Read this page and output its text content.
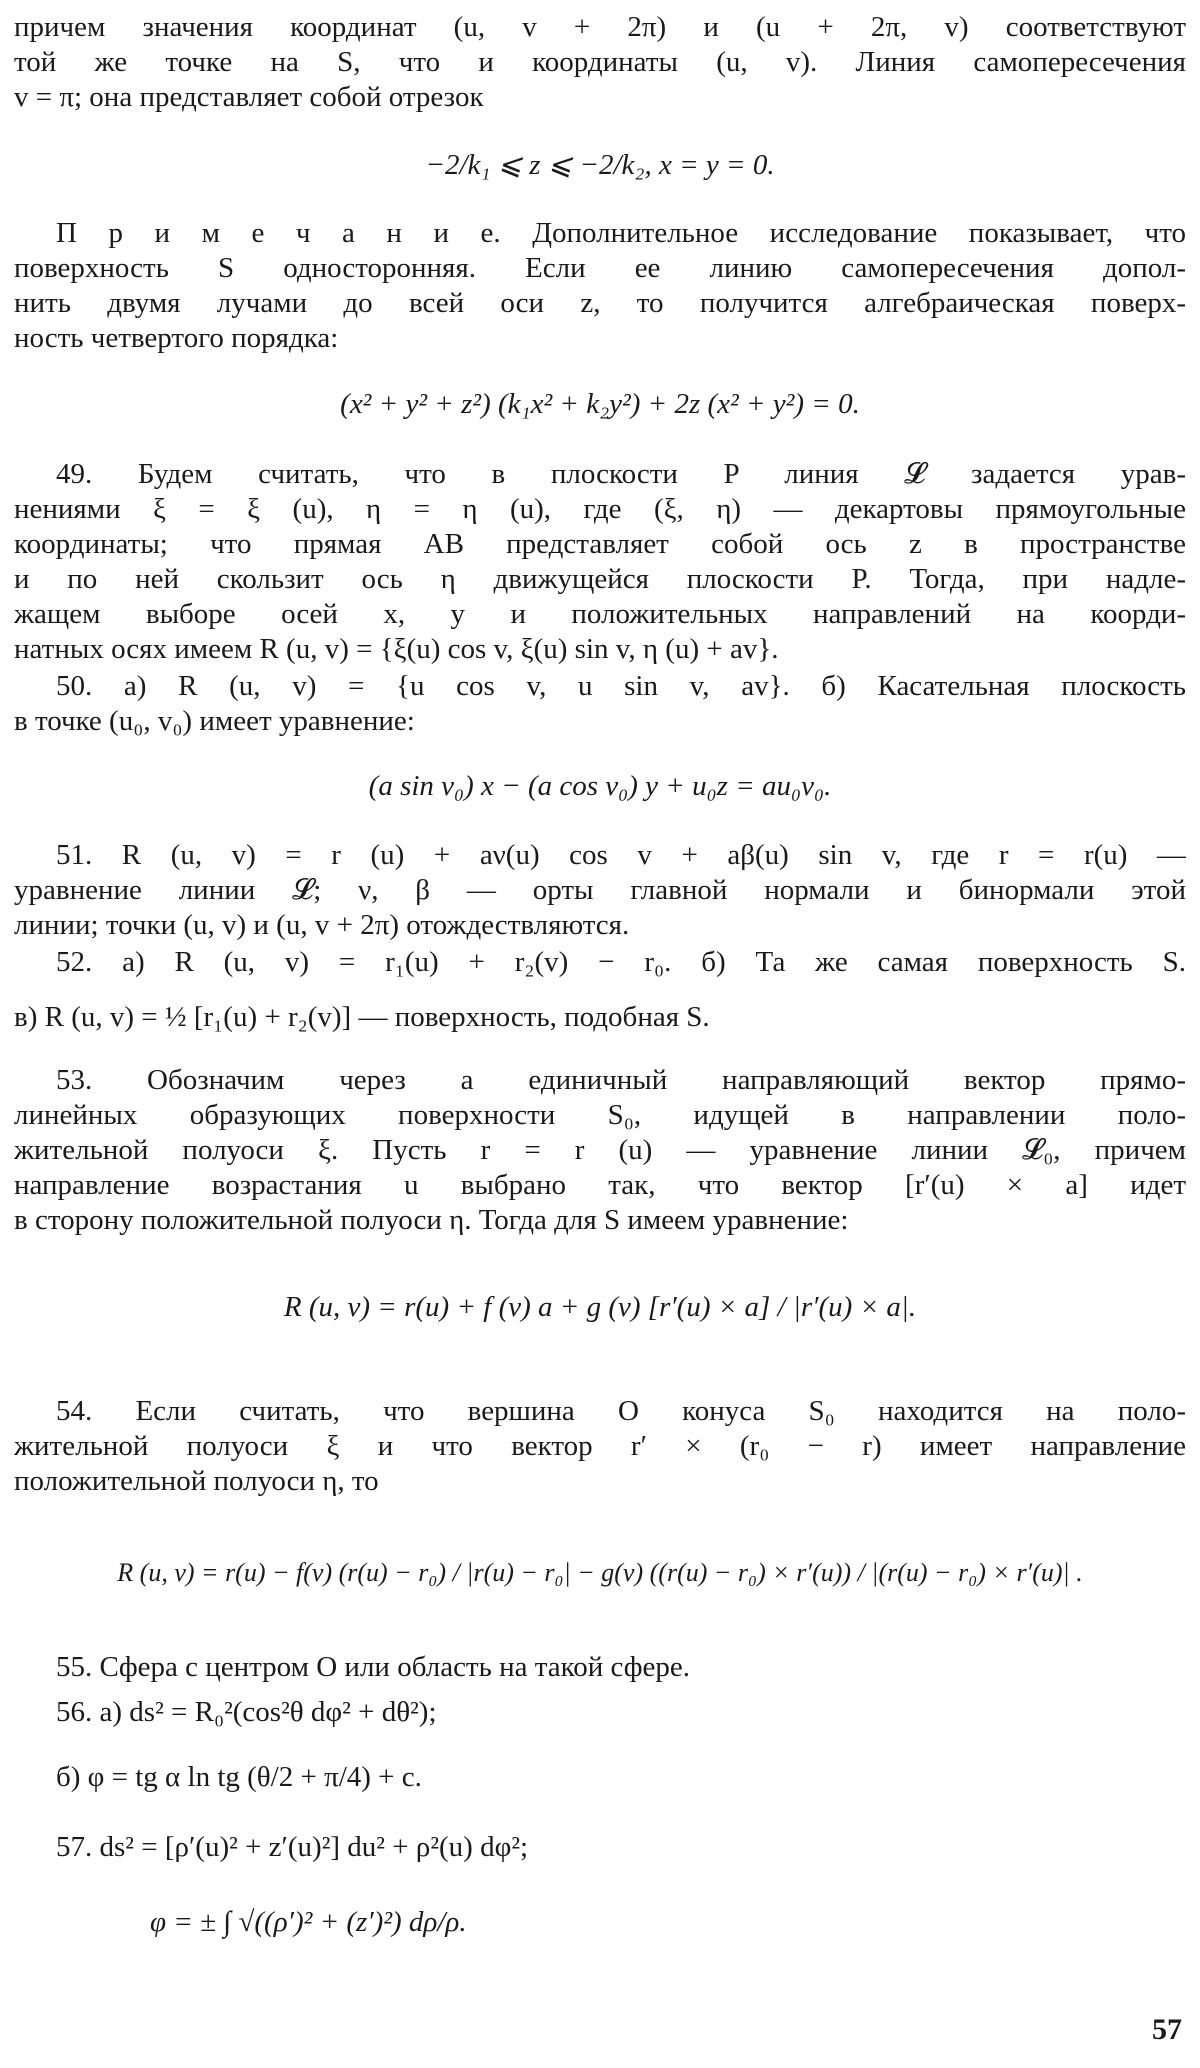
причем значения координат (u, v + 2π) и (u + 2π, v) соответствуют
той же точке на S, что и координаты (u, v). Линия самопересечения
v = π; она представляет собой отрезок
−2/k₁ ⩽ z ⩽ −2/k₂, x = y = 0.
П р и м е ч а н и е. Дополнительное исследование показывает, что
поверхность S односторонняя. Если ее линию самопересечения допол-
нить двумя лучами до всей оси z, то получится алгебраическая поверх-
ность четвертого порядка:
(x² + y² + z²) (k₁x² + k₂y²) + 2z (x² + y²) = 0.
49. Будем считать, что в плоскости P линия 𝓛 задается урав-
нениями ξ = ξ (u), η = η (u), где (ξ, η) — декартовы прямоугольные
координаты; что прямая AB представляет собой ось z в пространстве
и по ней скользит ось η движущейся плоскости P. Тогда, при надле-
жащем выборе осей x, y и положительных направлений на коорди-
натных осях имеем R (u, v) = {ξ(u) cos v, ξ(u) sin v, η (u) + av}.
50. а) R (u, v) = {u cos v, u sin v, av}. б) Касательная плоскость
в точке (u₀, v₀) имеет уравнение:
(a sin v₀) x − (a cos v₀) y + u₀z = au₀v₀.
51. R (u, v) = r (u) + aν(u) cos v + aβ(u) sin v, где r = r(u) —
уравнение линии 𝓛; ν, β — орты главной нормали и бинормали этой
линии; точки (u, v) и (u, v + 2π) отождествляются.
52. а) R (u, v) = r₁(u) + r₂(v) − r₀. б) Та же самая поверхность S.
в) R (u, v) = ½ [r₁(u) + r₂(v)] — поверхность, подобная S.
53. Обозначим через a единичный направляющий вектор прямо-
линейных образующих поверхности S₀, идущей в направлении поло-
жительной полуоси ξ. Пусть r = r (u) — уравнение линии 𝓛₀, причем
направление возрастания u выбрано так, что вектор [r′(u) × a] идет
в сторону положительной полуоси η. Тогда для S имеем уравнение:
R (u, v) = r(u) + f (v) a + g (v) [r′(u) × a] / |r′(u) × a|.
54. Если считать, что вершина O конуса S₀ находится на поло-
жительной полуоси ξ и что вектор r′ × (r₀ − r) имеет направление
положительной полуоси η, то
R (u, v) = r(u) − f(v) (r(u) − r₀) / |r(u) − r₀| − g(v) ((r(u) − r₀) × r′(u)) / |(r(u) − r₀) × r′(u)| .
55. Сфера с центром O или область на такой сфере.
56. а) ds² = R₀²(cos²θ dφ² + dθ²);
б) φ = tg α ln tg (θ/2 + π/4) + c.
57. ds² = [ρ′(u)² + z′(u)²] du² + ρ²(u) dφ²;
φ = ± ∫ √((ρ′)² + (z′)²) dρ/ρ.
57
